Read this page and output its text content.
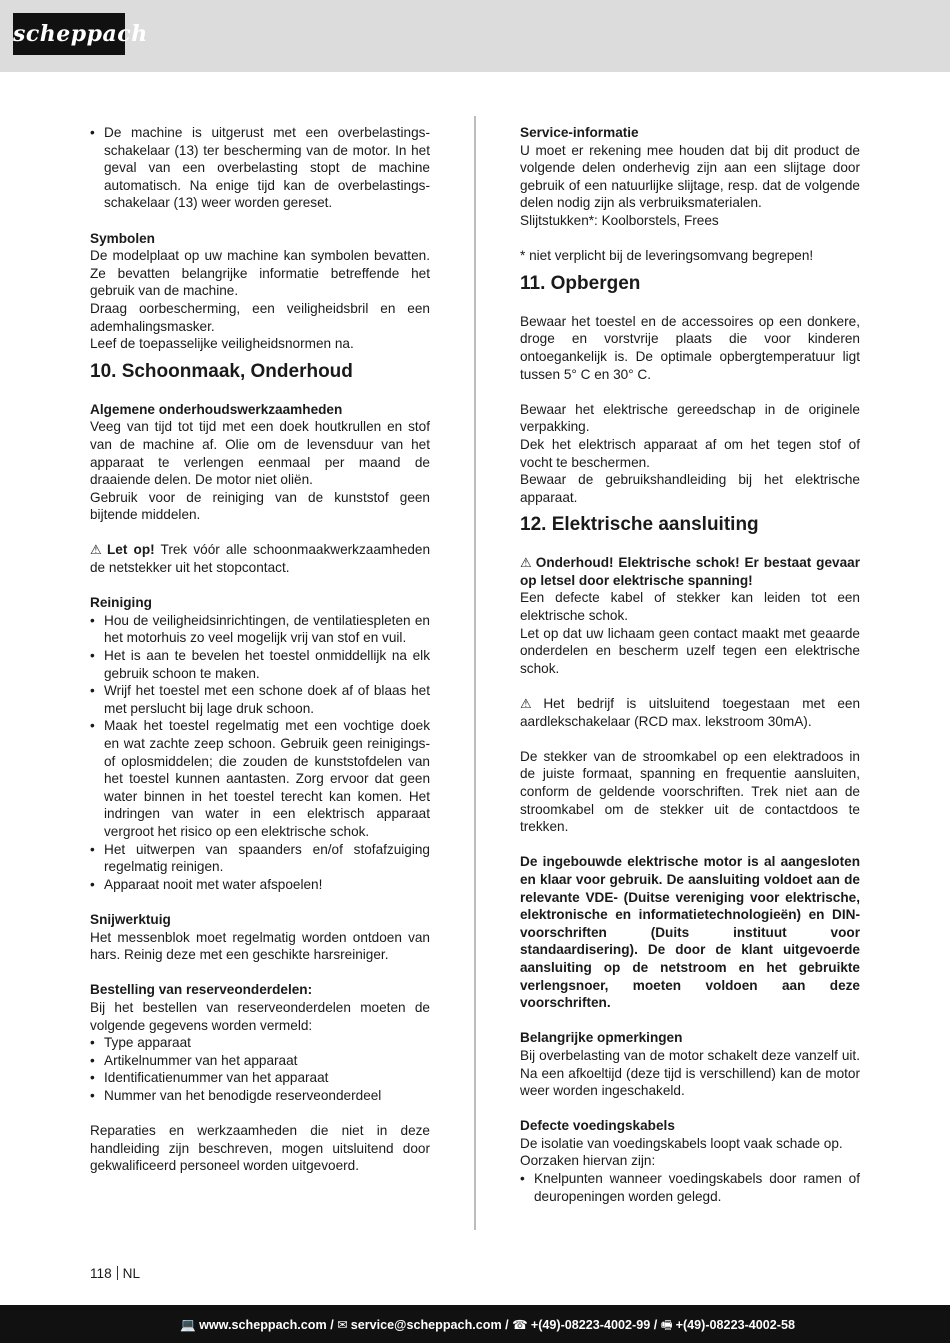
scheppach
• De machine is uitgerust met een overbelastings-schakelaar (13) ter bescherming van de motor. In het geval van een overbelasting stopt de machine automatisch. Na enige tijd kan de overbelastings-schakelaar (13) weer worden gereset.

Symbolen

De modelplaat op uw machine kan symbolen bevatten. Ze bevatten belangrijke informatie betreffende het gebruik van de machine.

Draag oorbescherming, een veiligheidsbril en een ademhalingsmasker.

Leef de toepasselijke veiligheidsnormen na.

10. Schoonmaak, Onderhoud

Algemene onderhoudswerkzaamheden

Veeg van tijd tot tijd met een doek houtkrullen en stof van de machine af. Olie om de levensduur van het apparaat te verlengen eenmaal per maand de draaiende delen. De motor niet oliën.

Gebruik voor de reiniging van de kunststof geen bijtende middelen.

⚠ Let op! Trek vóór alle schoonmaakwerkzaamheden de netstekker uit het stopcontact.

Reiniging

• Hou de veiligheidsinrichtingen, de ventilatiespleten en het motorhuis zo veel mogelijk vrij van stof en vuil.
• Het is aan te bevelen het toestel onmiddellijk na elk gebruik schoon te maken.
• Wrijf het toestel met een schone doek af of blaas het met perslucht bij lage druk schoon.
• Maak het toestel regelmatig met een vochtige doek en wat zachte zeep schoon. Gebruik geen reinigings- of oplosmiddelen; die zouden de kunststofdelen van het toestel kunnen aantasten. Zorg ervoor dat geen water binnen in het toestel terecht kan komen. Het indringen van water in een elektrisch apparaat vergroot het risico op een elektrische schok.
• Het uitwerpen van spaanders en/of stofafzuiging regelmatig reinigen.
• Apparaat nooit met water afspoelen!

Snijwerktuig

Het messenblok moet regelmatig worden ontdoen van hars. Reinig deze met een geschikte harsreiniger.

Bestelling van reserveonderdelen:

Bij het bestellen van reserveonderdelen moeten de volgende gegevens worden vermeld:

• Type apparaat
• Artikelnummer van het apparaat
• Identificatienummer van het apparaat
• Nummer van het benodigde reserveonderdeel

Reparaties en werkzaamheden die niet in deze handleiding zijn beschreven, mogen uitsluitend door gekwalificeerd personeel worden uitgevoerd.

Service-informatie

U moet er rekening mee houden dat bij dit product de volgende delen onderhevig zijn aan een slijtage door gebruik of een natuurlijke slijtage, resp. dat de volgende delen nodig zijn als verbruiksmaterialen.

Slijtstukken*: Koolborstels, Frees

* niet verplicht bij de leveringsomvang begrepen!

11. Opbergen

Bewaar het toestel en de accessoires op een donkere, droge en vorstvrije plaats die voor kinderen ontoegankelijk is. De optimale opbergtemperatuur ligt tussen 5° C en 30° C.

Bewaar het elektrische gereedschap in de originele verpakking.

Dek het elektrisch apparaat af om het tegen stof of vocht te beschermen.

Bewaar de gebruikshandleiding bij het elektrische apparaat.

12. Elektrische aansluiting

⚠ Onderhoud! Elektrische schok! Er bestaat gevaar op letsel door elektrische spanning!

Een defecte kabel of stekker kan leiden tot een elektrische schok.

Let op dat uw lichaam geen contact maakt met geaarde onderdelen en bescherm uzelf tegen een elektrische schok.

⚠ Het bedrijf is uitsluitend toegestaan met een aardlekschakelaar (RCD max. lekstroom 30mA).

De stekker van de stroomkabel op een elektradoos in de juiste formaat, spanning en frequentie aansluiten, conform de geldende voorschriften. Trek niet aan de stroomkabel om de stekker uit de contactdoos te trekken.

De ingebouwde elektrische motor is al aangesloten en klaar voor gebruik. De aansluiting voldoet aan de relevante VDE- (Duitse vereniging voor elektrische, elektronische en informatietechnologieën) en DIN-voorschriften (Duits instituut voor standaardisering). De door de klant uitgevoerde aansluiting op de netstroom en het gebruikte verlengsnoer, moeten voldoen aan deze voorschriften.

Belangrijke opmerkingen

Bij overbelasting van de motor schakelt deze vanzelf uit. Na een afkoeltijd (deze tijd is verschillend) kan de motor weer worden ingeschakeld.

Defecte voedingskabels

De isolatie van voedingskabels loopt vaak schade op.

Oorzaken hiervan zijn:

• Knelpunten wanneer voedingskabels door ramen of deuropeningen worden gelegd.
118 NL
💻 www.scheppach.com / ✉ service@scheppach.com / ☎ +(49)-08223-4002-99 / 🖷 +(49)-08223-4002-58
